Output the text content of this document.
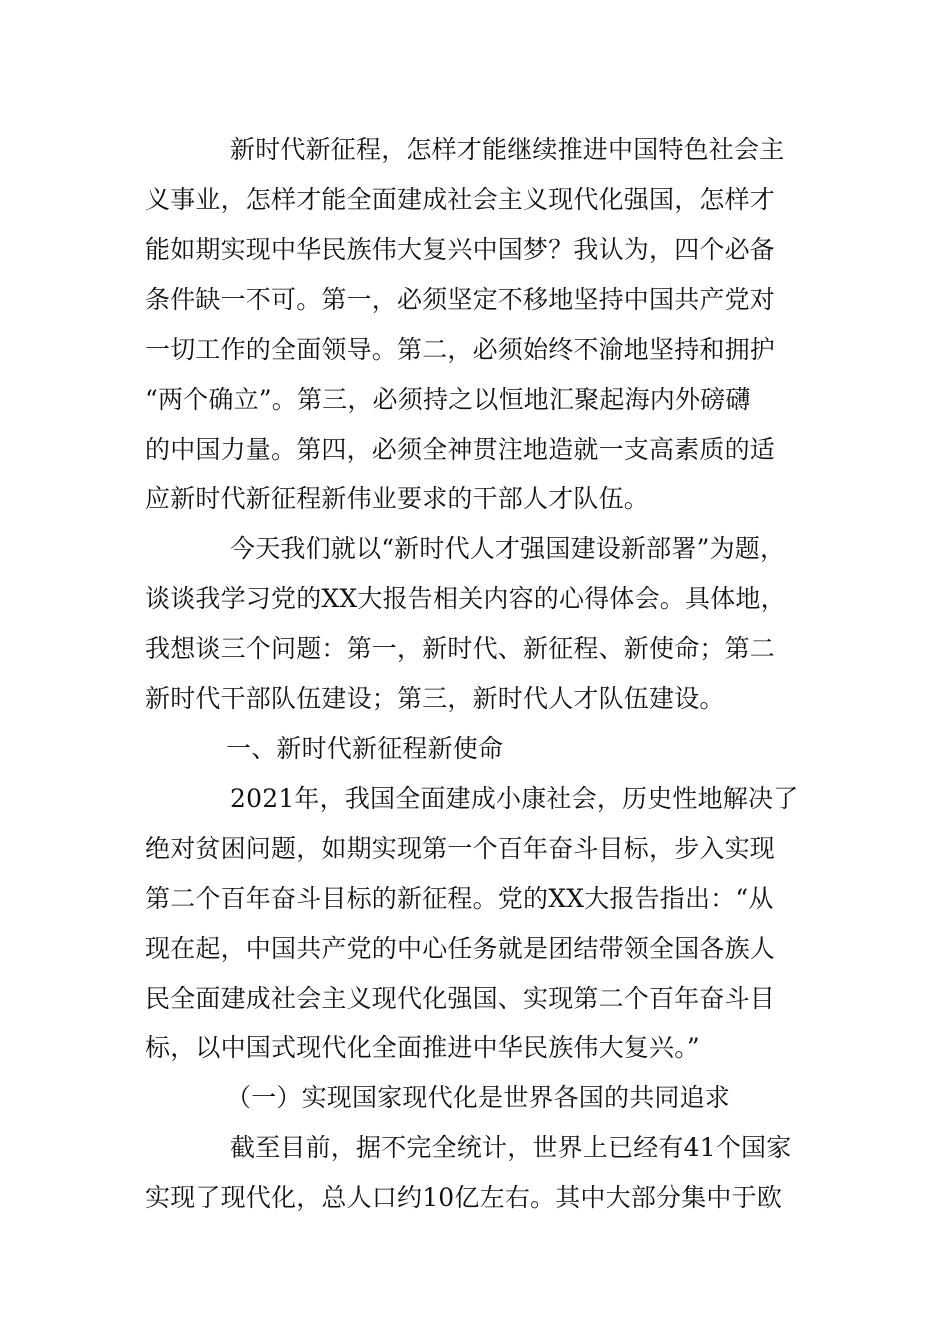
新时代新征程，怎样才能继续推进中国特色社会主
义事业，怎样才能全面建成社会主义现代化强国，怎样才
能如期实现中华民族伟大复兴中国梦？我认为，四个必备
条件缺一不可。第一，必须坚定不移地坚持中国共产党对
一切工作的全面领导。第二，必须始终不渝地坚持和拥护
“两个确立”。第三，必须持之以恒地汇聚起海内外磅礴
的中国力量。第四，必须全神贯注地造就一支高素质的适
应新时代新征程新伟业要求的干部人才队伍。
今天我们就以“新时代人才强国建设新部署”为题，
谈谈我学习党的XX大报告相关内容的心得体会。具体地，
我想谈三个问题：第一，新时代、新征程、新使命；第二
新时代干部队伍建设；第三，新时代人才队伍建设。
一、新时代新征程新使命
2021年，我国全面建成小康社会，历史性地解决了
绝对贫困问题，如期实现第一个百年奋斗目标，步入实现
第二个百年奋斗目标的新征程。党的XX大报告指出：“从
现在起，中国共产党的中心任务就是团结带领全国各族人
民全面建成社会主义现代化强国、实现第二个百年奋斗目
标，以中国式现代化全面推进中华民族伟大复兴。”
（一）实现国家现代化是世界各国的共同追求
截至目前，据不完全统计，世界上已经有41个国家
实现了现代化，总人口约10亿左右。其中大部分集中于欧
